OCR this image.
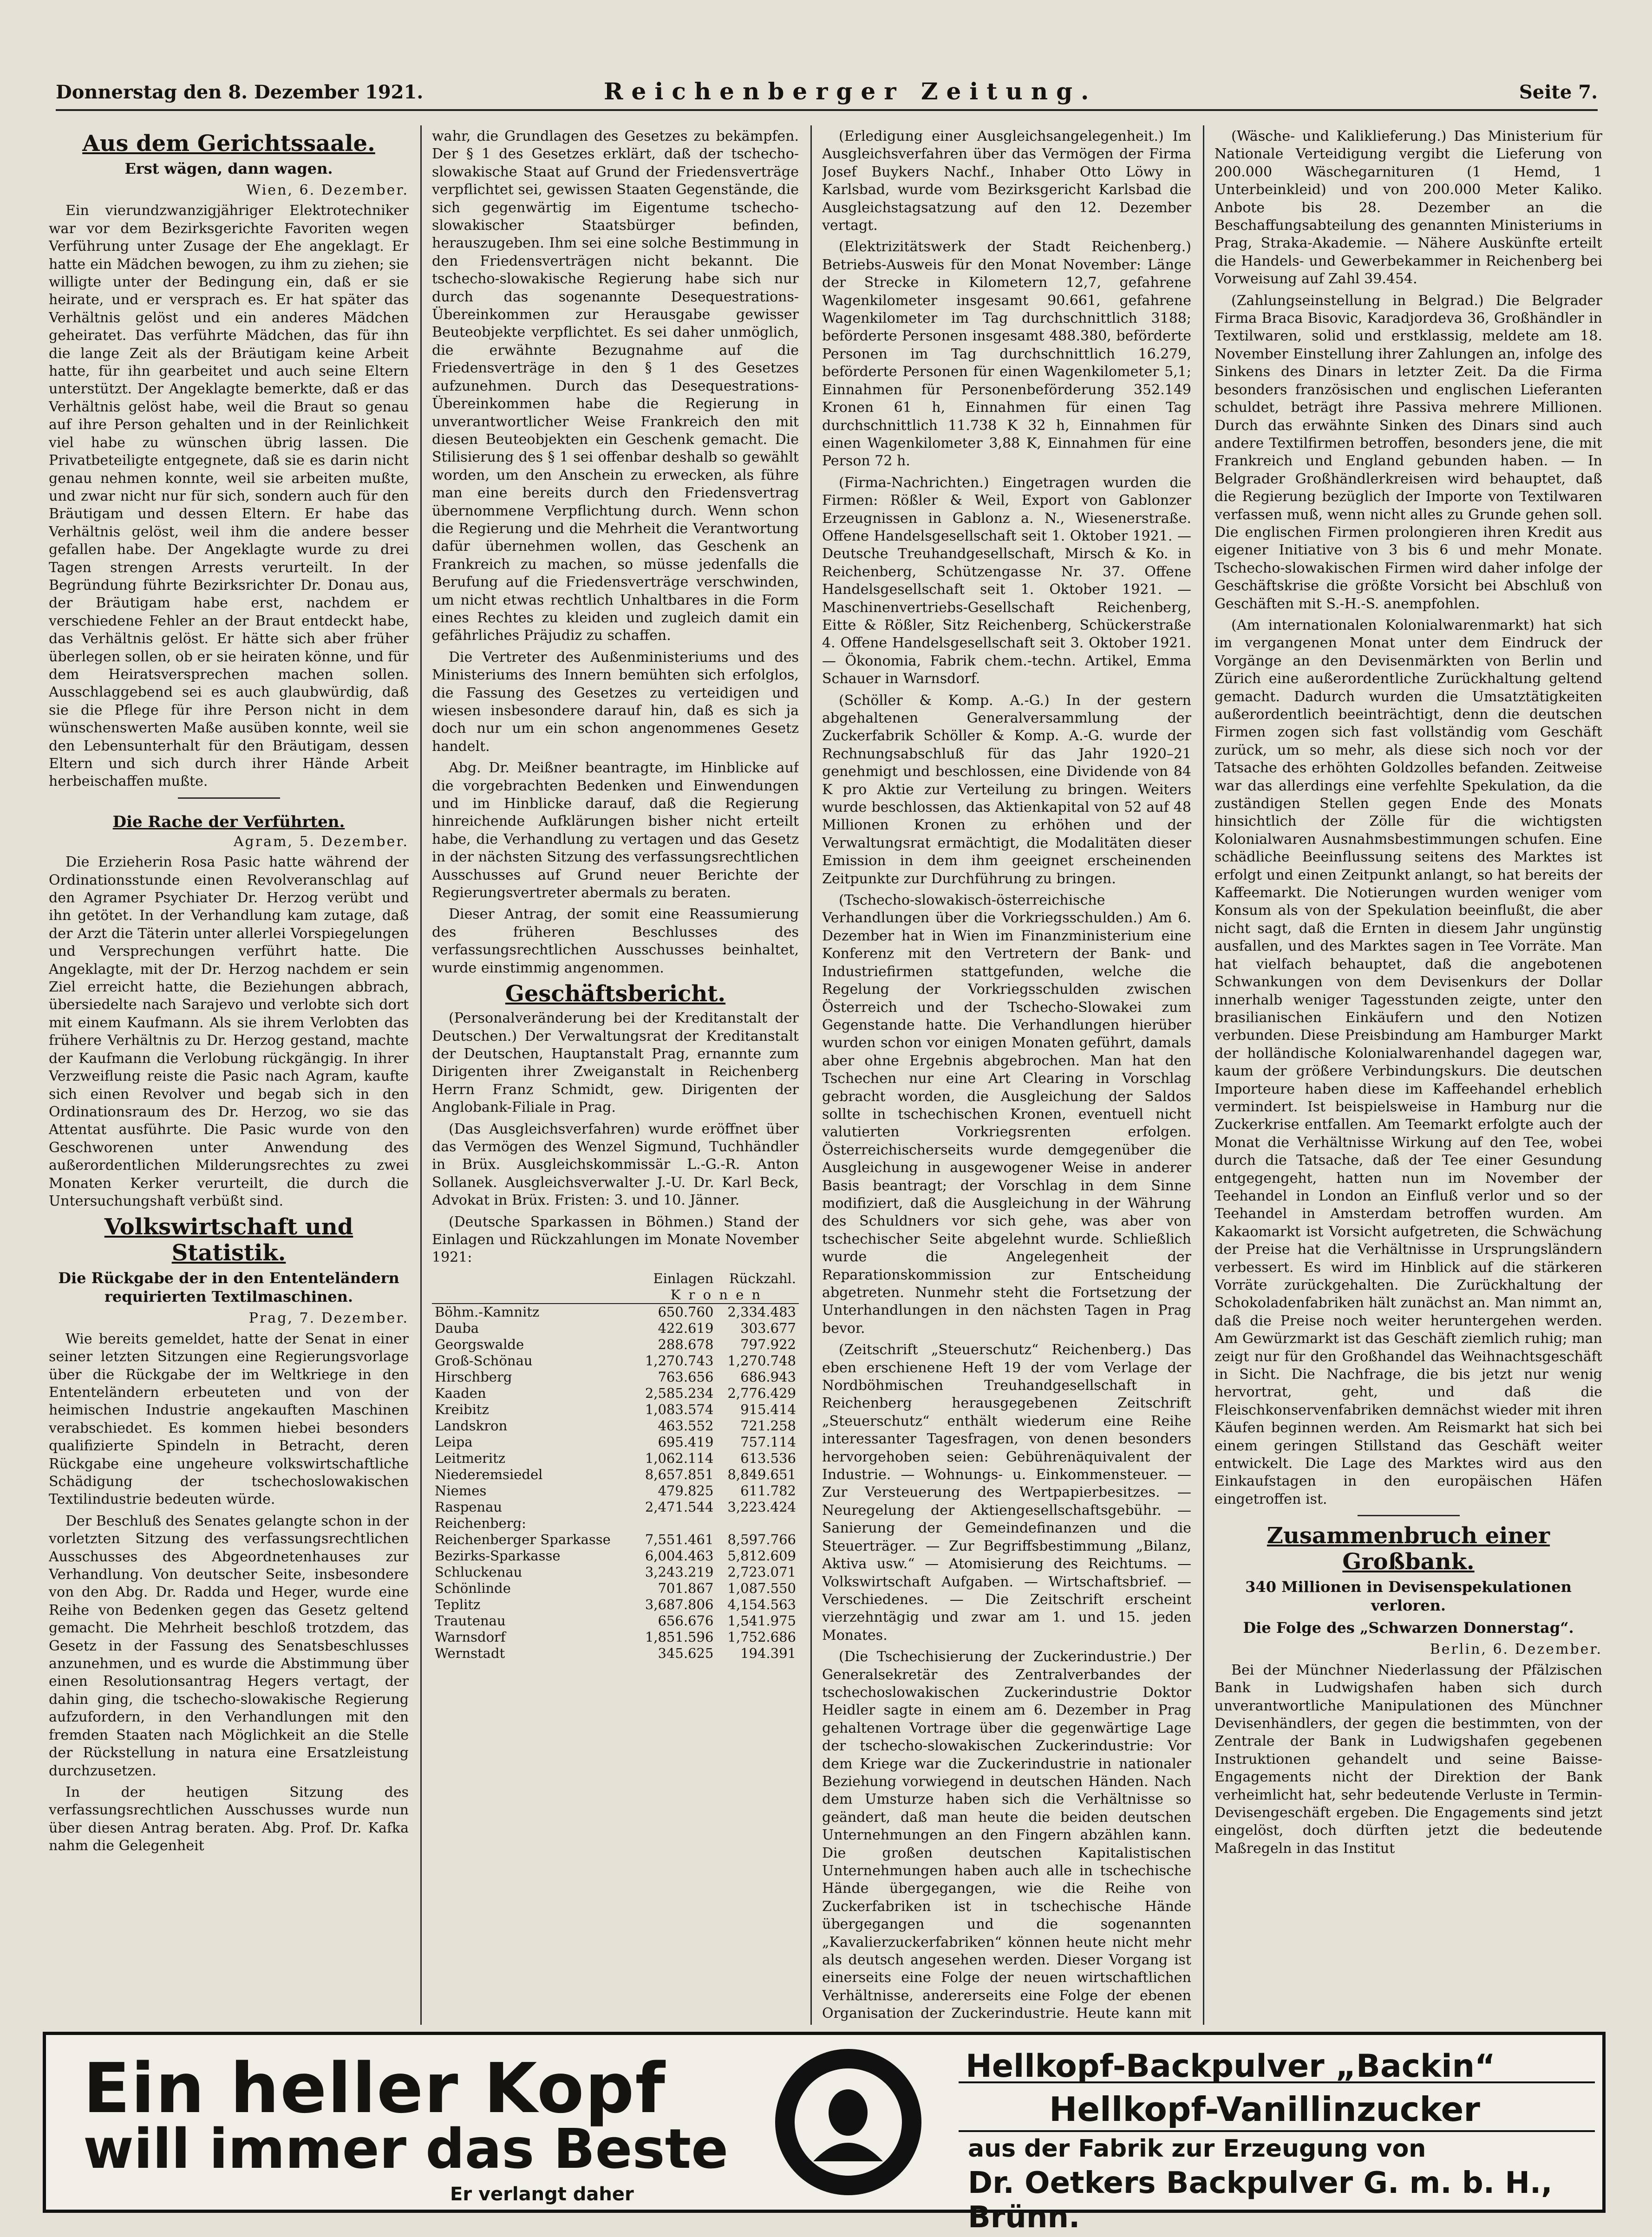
Donnerstag den 8. Dezember 1921.	Reichenberger Zeitung.	Seite 7.
Aus dem Gerichtssaale.
Erst wägen, dann wagen.
Wien, 6. Dezember.

Ein vierundzwanzigjähriger Elektrotechniker war vor dem Bezirksgerichte Favoriten wegen Verführung unter Zusage der Ehe angeklagt. Er hatte ein Mädchen bewogen, zu ihm zu ziehen; sie willigte unter der Bedingung ein, daß er sie heirate, und er versprach es. Er hat später das Verhältnis gelöst und ein anderes Mädchen geheiratet. Das verführte Mädchen, das für ihn die lange Zeit als der Bräutigam keine Arbeit hatte, für ihn gearbeitet und auch seine Eltern unterstützt. Der Angeklagte bemerkte, daß er das Verhältnis gelöst habe, weil die Braut so genau auf ihre Person gehalten und in der Reinlichkeit viel habe zu wünschen übrig lassen. Die Privatbeteiligte entgegnete, daß sie es darin nicht genau nehmen konnte, weil sie arbeiten mußte, und zwar nicht nur für sich, sondern auch für den Bräutigam und dessen Eltern. Er habe das Verhältnis gelöst, weil ihm die andere besser gefallen habe. Der Angeklagte wurde zu drei Tagen strengen Arrests verurteilt. In der Begründung führte Bezirksrichter Dr. Donau aus, der Bräutigam habe erst, nachdem er verschiedene Fehler an der Braut entdeckt habe, das Verhältnis gelöst. Er hätte sich aber früher überlegen sollen, ob er sie heiraten könne, und für dem Heiratsversprechen machen sollen. Ausschlaggebend sei es auch glaubwürdig, daß sie die Pflege für ihre Person nicht in dem wünschenswerten Maße ausüben konnte, weil sie den Lebensunterhalt für den Bräutigam, dessen Eltern und sich durch ihrer Hände Arbeit herbeischaffen mußte.

Die Rache der Verführten.
Agram, 5. Dezember.

Die Erzieherin Rosa Pasic hatte während der Ordinationsstunde einen Revolveranschlag auf den Agramer Psychiater Dr. Herzog verübt und ihn getötet. In der Verhandlung kam zutage, daß der Arzt die Täterin unter allerlei Vorspiegelungen und Versprechungen verführt hatte. Die Angeklagte, mit der Dr. Herzog nachdem er sein Ziel erreicht hatte, die Beziehungen abbrach, übersiedelte nach Sarajevo und verlobte sich dort mit einem Kaufmann. Als sie ihrem Verlobten das frühere Verhältnis zu Dr. Herzog gestand, machte der Kaufmann die Verlobung rückgängig. In ihrer Verzweiflung reiste die Pasic nach Agram, kaufte sich einen Revolver und begab sich in den Ordinationsraum des Dr. Herzog, wo sie das Attentat ausführte. Die Pasic wurde von den Geschworenen unter Anwendung des außerordentlichen Milderungsrechtes zu zwei Monaten Kerker verurteilt, die durch die Untersuchungshaft verbüßt sind.

Volkswirtschaft und Statistik.
Die Rückgabe der in den Ententeländern requirierten Textilmaschinen.
Prag, 7. Dezember.

Wie bereits gemeldet, hatte der Senat in einer seiner letzten Sitzungen eine Regierungsvorlage über die Rückgabe der im Weltkriege in den Ententeländern erbeuteten und von der heimischen Industrie angekauften Maschinen verabschiedet. Es kommen hiebei besonders qualifizierte Spindeln in Betracht, deren Rückgabe eine ungeheure volkswirtschaftliche Schädigung der tschechoslowakischen Textilindustrie bedeuten würde.

Der Beschluß des Senates gelangte schon in der vorletzten Sitzung des verfassungsrechtlichen Ausschusses des Abgeordnetenhauses zur Verhandlung. Von deutscher Seite, insbesondere von den Abg. Dr. Radda und Heger, wurde eine Reihe von Bedenken gegen das Gesetz geltend gemacht. Die Mehrheit beschloß trotzdem, das Gesetz in der Fassung des Senatsbeschlusses anzunehmen, und es wurde die Abstimmung über einen Resolutionsantrag Hegers vertagt, der dahin ging, die tschecho-slowakische Regierung aufzufordern, in den Verhandlungen mit den fremden Staaten nach Möglichkeit an die Stelle der Rückstellung in natura eine Ersatzleistung durchzusetzen.

In der heutigen Sitzung des verfassungsrechtlichen Ausschusses wurde nun über diesen Antrag beraten. Abg. Prof. Dr. Kafka nahm die Gelegenheit

wahr, die Grundlagen des Gesetzes zu bekämpfen. Der § 1 des Gesetzes erklärt, daß der tschecho-slowakische Staat auf Grund der Friedensverträge verpflichtet sei, gewissen Staaten Gegenstände, die sich gegenwärtig im Eigentume tschecho-slowakischer Staatsbürger befinden, herauszugeben. Ihm sei eine solche Bestimmung in den Friedensverträgen nicht bekannt. Die tschecho-slowakische Regierung habe sich nur durch das sogenannte Desequestrations-Übereinkommen zur Herausgabe gewisser Beuteobjekte verpflichtet. Es sei daher unmöglich, die erwähnte Bezugnahme auf die Friedensverträge in den § 1 des Gesetzes aufzunehmen. Durch das Desequestrations-Übereinkommen habe die Regierung in unverantwortlicher Weise Frankreich den mit diesen Beuteobjekten ein Geschenk gemacht. Die Stilisierung des § 1 sei offenbar deshalb so gewählt worden, um den Anschein zu erwecken, als führe man eine bereits durch den Friedensvertrag übernommene Verpflichtung durch. Wenn schon die Regierung und die Mehrheit die Verantwortung dafür übernehmen wollen, das Geschenk an Frankreich zu machen, so müsse jedenfalls die Berufung auf die Friedensverträge verschwinden, um nicht etwas rechtlich Unhaltbares in die Form eines Rechtes zu kleiden und zugleich damit ein gefährliches Präjudiz zu schaffen.

Die Vertreter des Außenministeriums und des Ministeriums des Innern bemühten sich erfolglos, die Fassung des Gesetzes zu verteidigen und wiesen insbesondere darauf hin, daß es sich ja doch nur um ein schon angenommenes Gesetz handelt.

Abg. Dr. Meißner beantragte, im Hinblicke auf die vorgebrachten Bedenken und Einwendungen und im Hinblicke darauf, daß die Regierung hinreichende Aufklärungen bisher nicht erteilt habe, die Verhandlung zu vertagen und das Gesetz in der nächsten Sitzung des verfassungsrechtlichen Ausschusses auf Grund neuer Berichte der Regierungsvertreter abermals zu beraten.

Dieser Antrag, der somit eine Reassumierung des früheren Beschlusses des verfassungsrechtlichen Ausschusses beinhaltet, wurde einstimmig angenommen.

Geschäftsbericht.

(Personalveränderung bei der Kreditanstalt der Deutschen.) Der Verwaltungsrat der Kreditanstalt der Deutschen, Hauptanstalt Prag, ernannte zum Dirigenten ihrer Zweiganstalt in Reichenberg Herrn Franz Schmidt, gew. Dirigenten der Anglobank-Filiale in Prag.

(Das Ausgleichsverfahren) wurde eröffnet über das Vermögen des Wenzel Sigmund, Tuchhändler in Brüx. Ausgleichskommissär L.-G.-R. Anton Sollanek. Ausgleichsverwalter J.-U. Dr. Karl Beck, Advokat in Brüx. Fristen: 3. und 10. Jänner.

(Deutsche Sparkassen in Böhmen.) Stand der Einlagen und Rückzahlungen im Monate November 1921:

	Einlagen	Rückzahl.
	K r o n e n	
Böhm.-Kamnitz	650.760	2,334.483
Dauba	422.619	303.677
Georgswalde	288.678	797.922
Groß-Schönau	1,270.743	1,270.748
Hirschberg	763.656	686.943
Kaaden	2,585.234	2,776.429
Kreibitz	1,083.574	915.414
Landskron	463.552	721.258
Leipa	695.419	757.114
Leitmeritz	1,062.114	613.536
Niederemsiedel	8,657.851	8,849.651
Niemes	479.825	611.782
Raspenau	2,471.544	3,223.424
Reichenberg:		
Reichenberger Sparkasse	7,551.461	8,597.766
Bezirks-Sparkasse	6,004.463	5,812.609
Schluckenau	3,243.219	2,723.071
Schönlinde	701.867	1,087.550
Teplitz	3,687.806	4,154.563
Trautenau	656.676	1,541.975
Warnsdorf	1,851.596	1,752.686
Wernstadt	345.625	194.391

(Erledigung einer Ausgleichsangelegenheit.) Im Ausgleichsverfahren über das Vermögen der Firma Josef Buykers Nachf., Inhaber Otto Löwy in Karlsbad, wurde vom Bezirksgericht Karlsbad die Ausgleichstagsatzung auf den 12. Dezember vertagt.

(Elektrizitätswerk der Stadt Reichenberg.) Betriebs-Ausweis für den Monat November: Länge der Strecke in Kilometern 12,7, gefahrene Wagenkilometer insgesamt 90.661, gefahrene Wagenkilometer im Tag durchschnittlich 3188; beförderte Personen insgesamt 488.380, beförderte Personen im Tag durchschnittlich 16.279, beförderte Personen für einen Wagenkilometer 5,1; Einnahmen für Personenbeförderung 352.149 Kronen 61 h, Einnahmen für einen Tag durchschnittlich 11.738 K 32 h, Einnahmen für einen Wagenkilometer 3,88 K, Einnahmen für eine Person 72 h.

(Firma-Nachrichten.) Eingetragen wurden die Firmen: Rößler & Weil, Export von Gablonzer Erzeugnissen in Gablonz a. N., Wiesenerstraße. Offene Handelsgesellschaft seit 1. Oktober 1921. — Deutsche Treuhandgesellschaft, Mirsch & Ko. in Reichenberg, Schützengasse Nr. 37. Offene Handelsgesellschaft seit 1. Oktober 1921. — Maschinenvertriebs-Gesellschaft Reichenberg, Eitte & Rößler, Sitz Reichenberg, Schückerstraße 4. Offene Handelsgesellschaft seit 3. Oktober 1921. — Ökonomia, Fabrik chem.-techn. Artikel, Emma Schauer in Warnsdorf.

(Schöller & Komp. A.-G.) In der gestern abgehaltenen Generalversammlung der Zuckerfabrik Schöller & Komp. A.-G. wurde der Rechnungsabschluß für das Jahr 1920–21 genehmigt und beschlossen, eine Dividende von 84 K pro Aktie zur Verteilung zu bringen. Weiters wurde beschlossen, das Aktienkapital von 52 auf 48 Millionen Kronen zu erhöhen und der Verwaltungsrat ermächtigt, die Modalitäten dieser Emission in dem ihm geeignet erscheinenden Zeitpunkte zur Durchführung zu bringen.

(Tschecho-slowakisch-österreichische Verhandlungen über die Vorkriegsschulden.) Am 6. Dezember hat in Wien im Finanzministerium eine Konferenz mit den Vertretern der Bank- und Industriefirmen stattgefunden, welche die Regelung der Vorkriegsschulden zwischen Österreich und der Tschecho-Slowakei zum Gegenstande hatte. Die Verhandlungen hierüber wurden schon vor einigen Monaten geführt, damals aber ohne Ergebnis abgebrochen. Man hat den Tschechen nur eine Art Clearing in Vorschlag gebracht worden, die Ausgleichung der Saldos sollte in tschechischen Kronen, eventuell nicht valutierten Vorkriegsrenten erfolgen. Österreichischerseits wurde demgegenüber die Ausgleichung in ausgewogener Weise in anderer Basis beantragt; der Vorschlag in dem Sinne modifiziert, daß die Ausgleichung in der Währung des Schuldners vor sich gehe, was aber von tschechischer Seite abgelehnt wurde. Schließlich wurde die Angelegenheit der Reparationskommission zur Entscheidung abgetreten. Nunmehr steht die Fortsetzung der Unterhandlungen in den nächsten Tagen in Prag bevor.

(Zeitschrift „Steuerschutz“ Reichenberg.) Das eben erschienene Heft 19 der vom Verlage der Nordböhmischen Treuhandgesellschaft in Reichenberg herausgegebenen Zeitschrift „Steuerschutz“ enthält wiederum eine Reihe interessanter Tagesfragen, von denen besonders hervorgehoben seien: Gebührenäquivalent der Industrie. — Wohnungs- u. Einkommensteuer. — Zur Versteuerung des Wertpapierbesitzes. — Neuregelung der Aktiengesellschaftsgebühr. — Sanierung der Gemeindefinanzen und die Steuerträger. — Zur Begriffsbestimmung „Bilanz, Aktiva usw.“ — Atomisierung des Reichtums. — Volkswirtschaft Aufgaben. — Wirtschaftsbrief. — Verschiedenes. — Die Zeitschrift erscheint vierzehntägig und zwar am 1. und 15. jeden Monates.

(Die Tschechisierung der Zuckerindustrie.) Der Generalsekretär des Zentralverbandes der tschechoslowakischen Zuckerindustrie Doktor Heidler sagte in einem am 6. Dezember in Prag gehaltenen Vortrage über die gegenwärtige Lage der tschecho-slowakischen Zuckerindustrie: Vor dem Kriege war die Zuckerindustrie in nationaler Beziehung vorwiegend in deutschen Händen. Nach dem Umsturze haben sich die Verhältnisse so geändert, daß man heute die beiden deutschen Unternehmungen an den Fingern abzählen kann. Die großen deutschen Kapitalistischen Unternehmungen haben auch alle in tschechische Hände übergegangen, wie die Reihe von Zuckerfabriken ist in tschechische Hände übergegangen und die sogenannten „Kavalierzuckerfabriken“ können heute nicht mehr als deutsch angesehen werden. Dieser Vorgang ist einerseits eine Folge der neuen wirtschaftlichen Verhältnisse, andererseits eine Folge der ebenen Organisation der Zuckerindustrie. Heute kann mit

(Wäsche- und Kaliklieferung.) Das Ministerium für Nationale Verteidigung vergibt die Lieferung von 200.000 Wäschegarnituren (1 Hemd, 1 Unterbeinkleid) und von 200.000 Meter Kaliko. Anbote bis 28. Dezember an die Beschaffungsabteilung des genannten Ministeriums in Prag, Straka-Akademie. — Nähere Auskünfte erteilt die Handels- und Gewerbekammer in Reichenberg bei Vorweisung auf Zahl 39.454.

(Zahlungseinstellung in Belgrad.) Die Belgrader Firma Braca Bisovic, Karadjordeva 36, Großhändler in Textilwaren, solid und erstklassig, meldete am 18. November Einstellung ihrer Zahlungen an, infolge des Sinkens des Dinars in letzter Zeit. Da die Firma besonders französischen und englischen Lieferanten schuldet, beträgt ihre Passiva mehrere Millionen. Durch das erwähnte Sinken des Dinars sind auch andere Textilfirmen betroffen, besonders jene, die mit Frankreich und England gebunden haben. — In Belgrader Großhändlerkreisen wird behauptet, daß die Regierung bezüglich der Importe von Textilwaren verfassen muß, wenn nicht alles zu Grunde gehen soll. Die englischen Firmen prolongieren ihren Kredit aus eigener Initiative von 3 bis 6 und mehr Monate. Tschecho-slowakischen Firmen wird daher infolge der Geschäftskrise die größte Vorsicht bei Abschluß von Geschäften mit S.-H.-S. anempfohlen.

(Am internationalen Kolonialwarenmarkt) hat sich im vergangenen Monat unter dem Eindruck der Vorgänge an den Devisenmärkten von Berlin und Zürich eine außerordentliche Zurückhaltung geltend gemacht. Dadurch wurden die Umsatztätigkeiten außerordentlich beeinträchtigt, denn die deutschen Firmen zogen sich fast vollständig vom Geschäft zurück, um so mehr, als diese sich noch vor der Tatsache des erhöhten Goldzolles befanden. Zeitweise war das allerdings eine verfehlte Spekulation, da die zuständigen Stellen gegen Ende des Monats hinsichtlich der Zölle für die wichtigsten Kolonialwaren Ausnahmsbestimmungen schufen. Eine schädliche Beeinflussung seitens des Marktes ist erfolgt und einen Zeitpunkt anlangt, so hat bereits der Kaffeemarkt. Die Notierungen wurden weniger vom Konsum als von der Spekulation beeinflußt, die aber nicht sagt, daß die Ernten in diesem Jahr ungünstig ausfallen, und des Marktes sagen in Tee Vorräte. Man hat vielfach behauptet, daß die angebotenen Schwankungen von dem Devisenkurs der Dollar innerhalb weniger Tagesstunden zeigte, unter den brasilianischen Einkäufern und den Notizen verbunden. Diese Preisbindung am Hamburger Markt der holländische Kolonialwarenhandel dagegen war, kaum der größere Verbindungskurs. Die deutschen Importeure haben diese im Kaffeehandel erheblich vermindert. Ist beispielsweise in Hamburg nur die Zuckerkrise entfallen. Am Teemarkt erfolgte auch der Monat die Verhältnisse Wirkung auf den Tee, wobei durch die Tatsache, daß der Tee einer Gesundung entgegengeht, hatten nun im November der Teehandel in London an Einfluß verlor und so der Teehandel in Amsterdam betroffen wurden. Am Kakaomarkt ist Vorsicht aufgetreten, die Schwächung der Preise hat die Verhältnisse in Ursprungsländern verbessert. Es wird im Hinblick auf die stärkeren Vorräte zurückgehalten. Die Zurückhaltung der Schokoladenfabriken hält zunächst an. Man nimmt an, daß die Preise noch weiter heruntergehen werden. Am Gewürzmarkt ist das Geschäft ziemlich ruhig; man zeigt nur für den Großhandel das Weihnachtsgeschäft in Sicht. Die Nachfrage, die bis jetzt nur wenig hervortrat, geht, und daß die Fleischkonservenfabriken demnächst wieder mit ihren Käufen beginnen werden. Am Reismarkt hat sich bei einem geringen Stillstand das Geschäft weiter entwickelt. Die Lage des Marktes wird aus den Einkaufstagen in den europäischen Häfen eingetroffen ist.

Zusammenbruch einer Großbank.
340 Millionen in Devisenspekulationen verloren.
Die Folge des „Schwarzen Donnerstag“.
Berlin, 6. Dezember.

Bei der Münchner Niederlassung der Pfälzischen Bank in Ludwigshafen haben sich durch unverantwortliche Manipulationen des Münchner Devisenhändlers, der gegen die bestimmten, von der Zentrale der Bank in Ludwigshafen gegebenen Instruktionen gehandelt und seine Baisse-Engagements nicht der Direktion der Bank verheimlicht hat, sehr bedeutende Verluste in Termin-Devisengeschäft ergeben. Die Engagements sind jetzt eingelöst, doch dürften jetzt die bedeutende Maßregeln in das Institut

Ein heller Kopf
will immer das Beste
Er verlangt daher
Hellkopf-Backpulver „Backin“
Hellkopf-Vanillinzucker
aus der Fabrik zur Erzeugung von
Dr. Oetkers Backpulver G. m. b. H., Brünn.
